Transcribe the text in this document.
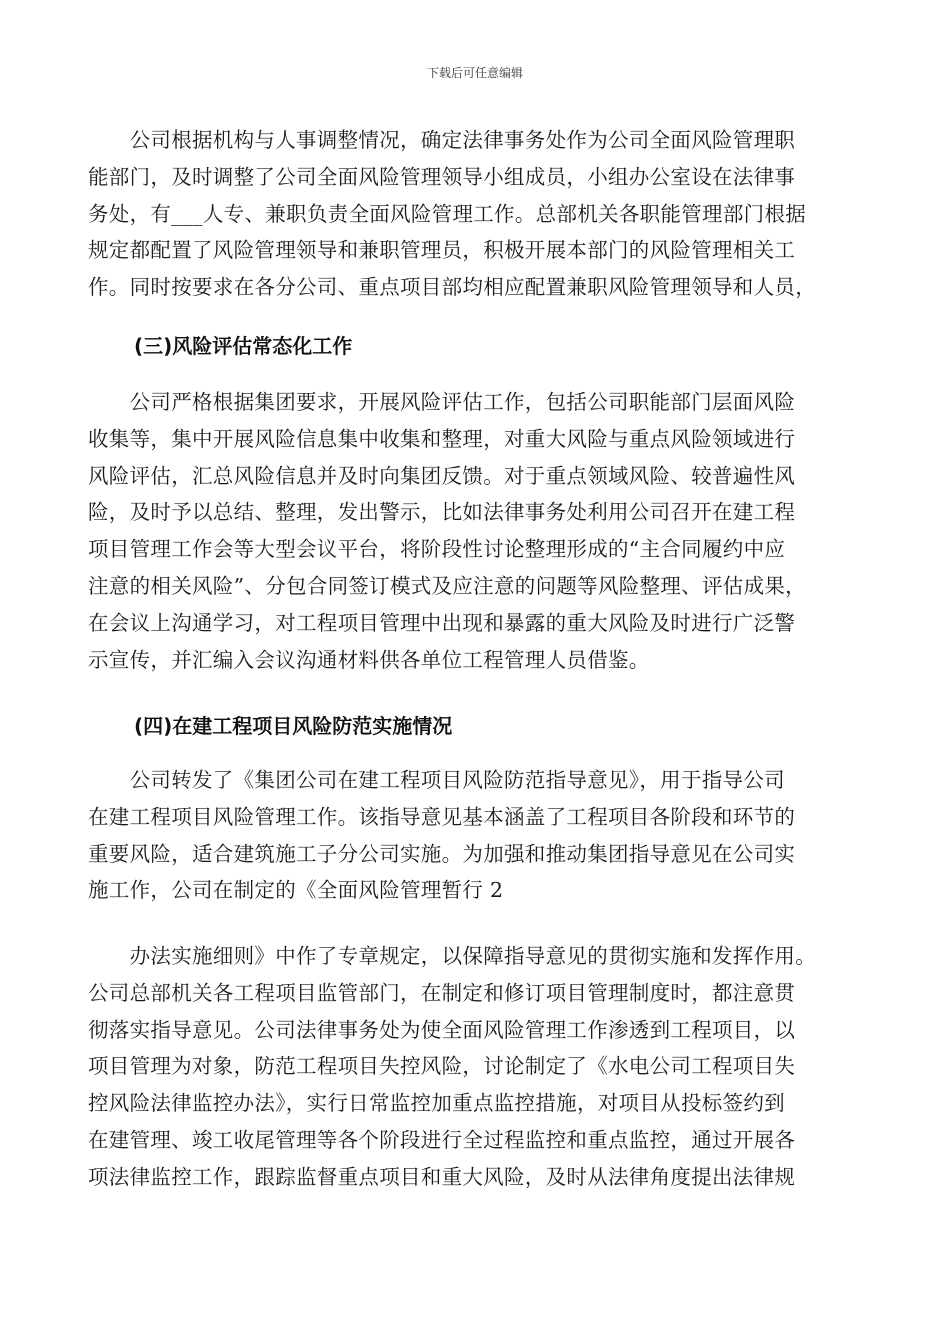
下载后可任意编辑
　　公司根据机构与人事调整情况，确定法律事务处作为公司全面风险管理职
能部门，及时调整了公司全面风险管理领导小组成员，小组办公室设在法律事
务处，有___人专、兼职负责全面风险管理工作。总部机关各职能管理部门根据
规定都配置了风险管理领导和兼职管理员，积极开展本部门的风险管理相关工
作。同时按要求在各分公司、重点项目部均相应配置兼职风险管理领导和人员，
(三)风险评估常态化工作
　　公司严格根据集团要求，开展风险评估工作，包括公司职能部门层面风险
收集等，集中开展风险信息集中收集和整理，对重大风险与重点风险领域进行
风险评估，汇总风险信息并及时向集团反馈。对于重点领域风险、较普遍性风
险，及时予以总结、整理，发出警示，比如法律事务处利用公司召开在建工程
项目管理工作会等大型会议平台，将阶段性讨论整理形成的“主合同履约中应
注意的相关风险”、分包合同签订模式及应注意的问题等风险整理、评估成果，
在会议上沟通学习，对工程项目管理中出现和暴露的重大风险及时进行广泛警
示宣传，并汇编入会议沟通材料供各单位工程管理人员借鉴。
(四)在建工程项目风险防范实施情况
　　公司转发了《集团公司在建工程项目风险防范指导意见》，用于指导公司
在建工程项目风险管理工作。该指导意见基本涵盖了工程项目各阶段和环节的
重要风险，适合建筑施工子分公司实施。为加强和推动集团指导意见在公司实
施工作，公司在制定的《全面风险管理暂行 2
　　办法实施细则》中作了专章规定，以保障指导意见的贯彻实施和发挥作用。
公司总部机关各工程项目监管部门，在制定和修订项目管理制度时，都注意贯
彻落实指导意见。公司法律事务处为使全面风险管理工作渗透到工程项目，以
项目管理为对象，防范工程项目失控风险，讨论制定了《水电公司工程项目失
控风险法律监控办法》，实行日常监控加重点监控措施，对项目从投标签约到
在建管理、竣工收尾管理等各个阶段进行全过程监控和重点监控，通过开展各
项法律监控工作，跟踪监督重点项目和重大风险，及时从法律角度提出法律规
